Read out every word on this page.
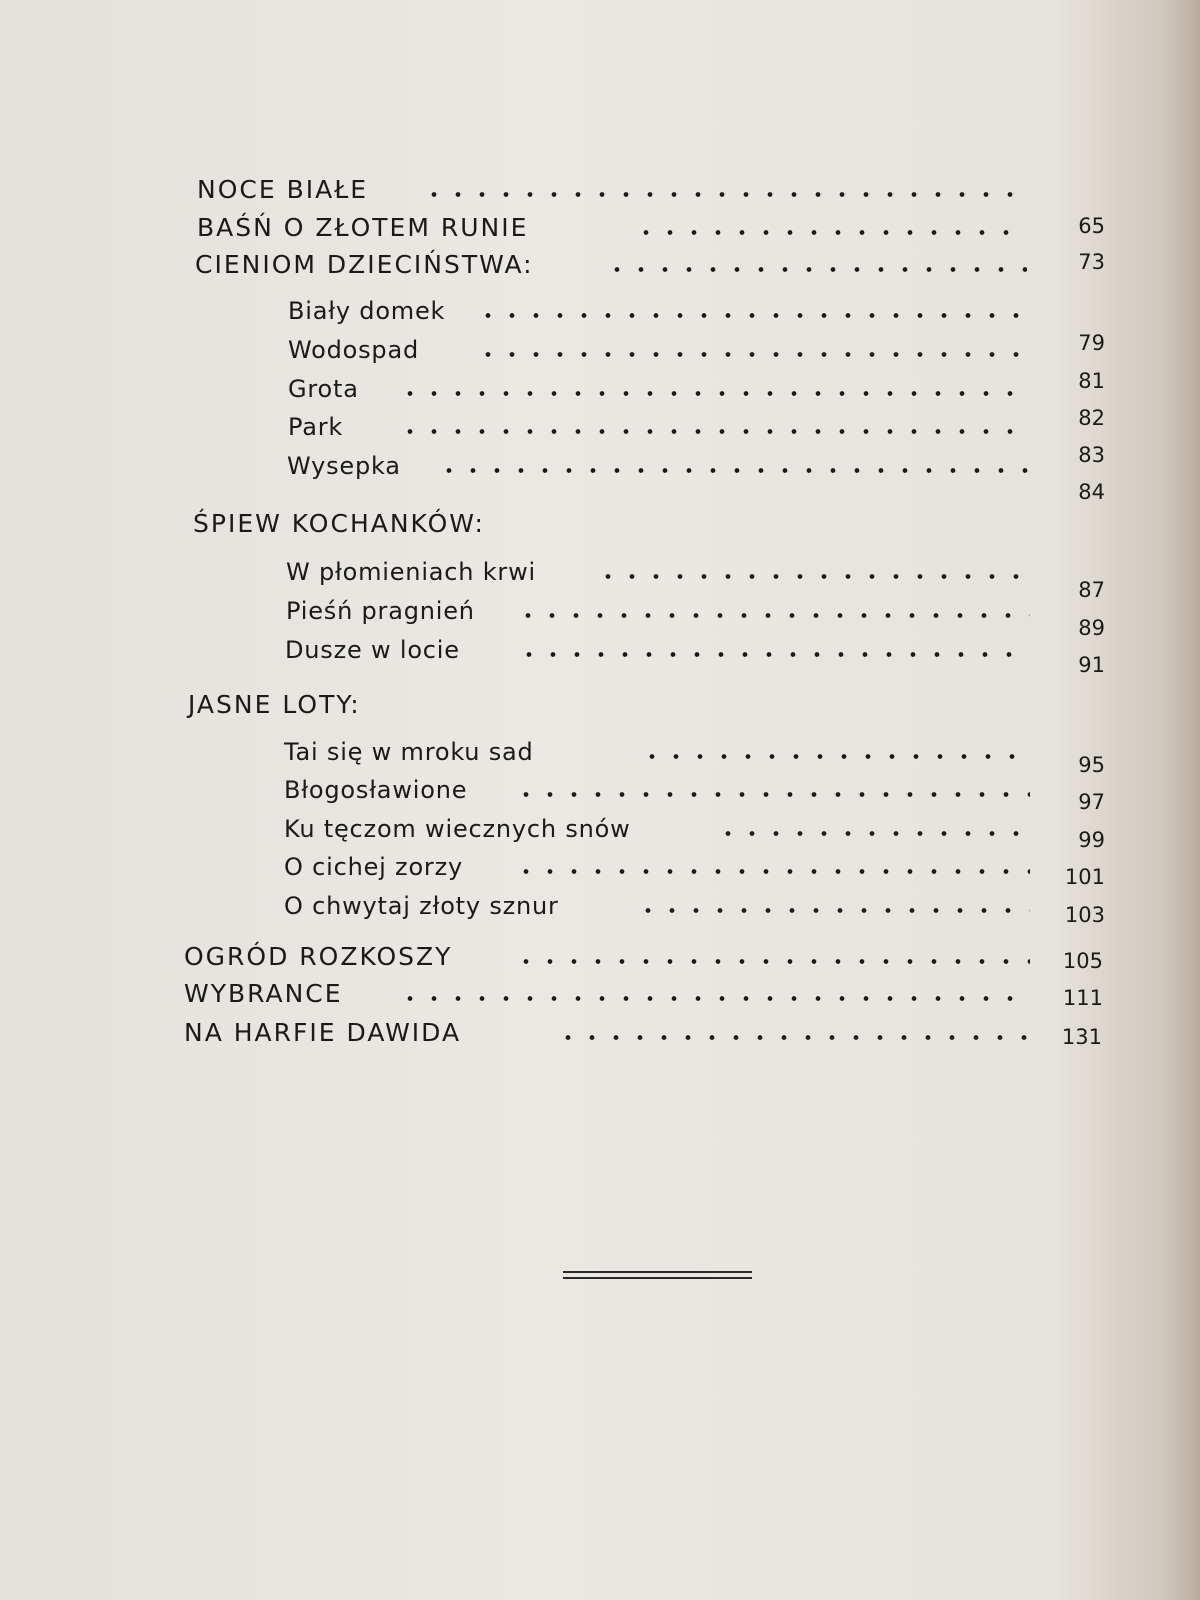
NOCE BIAŁE
BAŚŃ O ZŁOTEM RUNIE
CIENIOM DZIECIŃSTWA:
Biały domek
Wodospad
Grota
Park
Wysepka
ŚPIEW KOCHANKÓW:
W płomieniach krwi
Pieśń pragnień
Dusze w locie
JASNE LOTY:
Tai się w mroku sad
Błogosławione
Ku tęczom wiecznych snów
O cichej zorzy
O chwytaj złoty sznur
OGRÓD ROZKOSZY
WYBRANCE
NA HARFIE DAWIDA
65
73
79
81
82
83
84
87
89
91
95
97
99
101
103
105
111
131
